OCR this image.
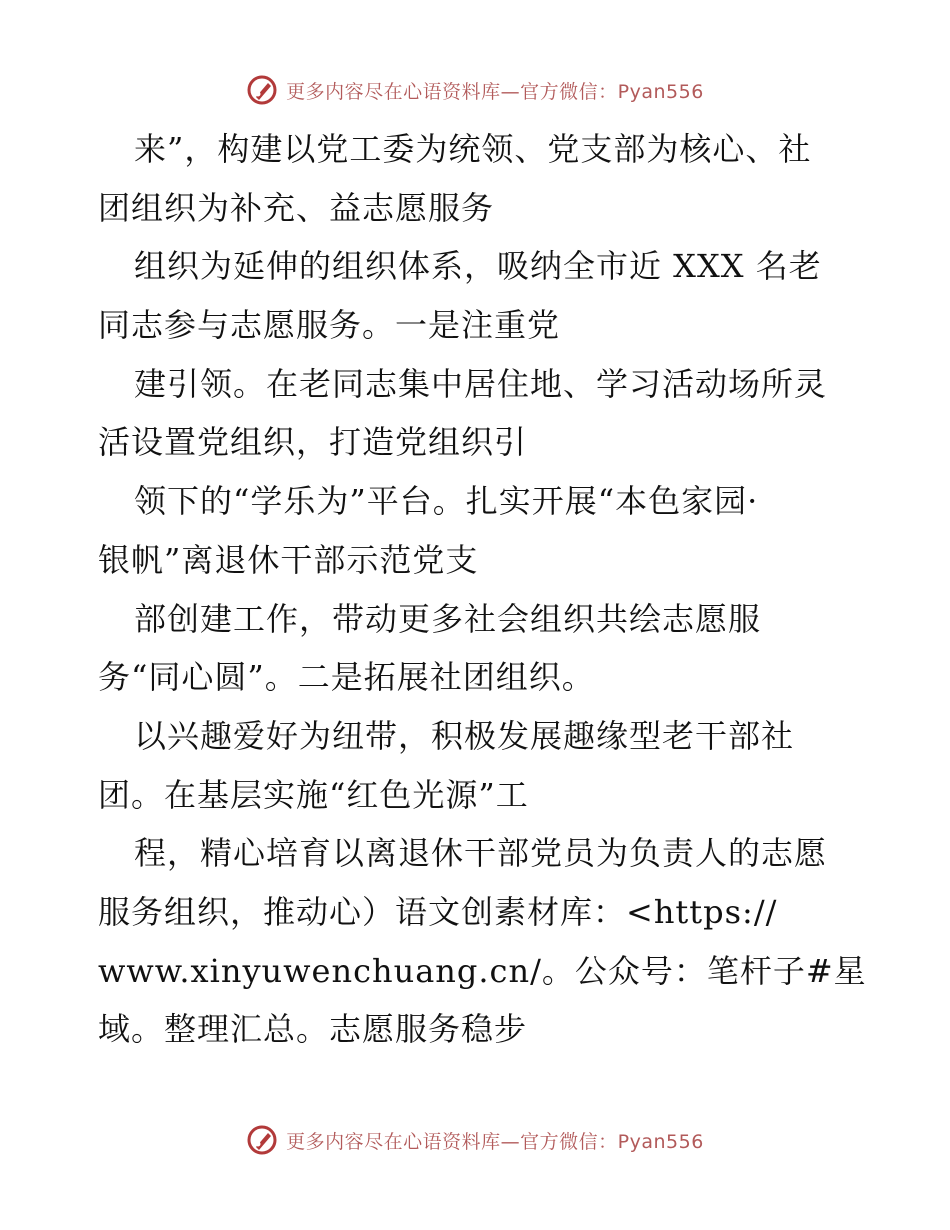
更多内容尽在心语资料库—官方微信：Pyan556
来”，构建以党工委为统领、党支部为核心、社
团组织为补充、益志愿服务
组织为延伸的组织体系，吸纳全市近 XXX 名老
同志参与志愿服务。一是注重党
建引领。在老同志集中居住地、学习活动场所灵
活设置党组织，打造党组织引
领下的“学乐为”平台。扎实开展“本色家园·
银帆”离退休干部示范党支
部创建工作，带动更多社会组织共绘志愿服
务“同心圆”。二是拓展社团组织。
以兴趣爱好为纽带，积极发展趣缘型老干部社
团。在基层实施“红色光源”工
程，精心培育以离退休干部党员为负责人的志愿
服务组织，推动心）语文创素材库：<https://
www.xinyuwenchuang.cn/。公众号：笔杆子#星
域。整理汇总。志愿服务稳步
更多内容尽在心语资料库—官方微信：Pyan556
